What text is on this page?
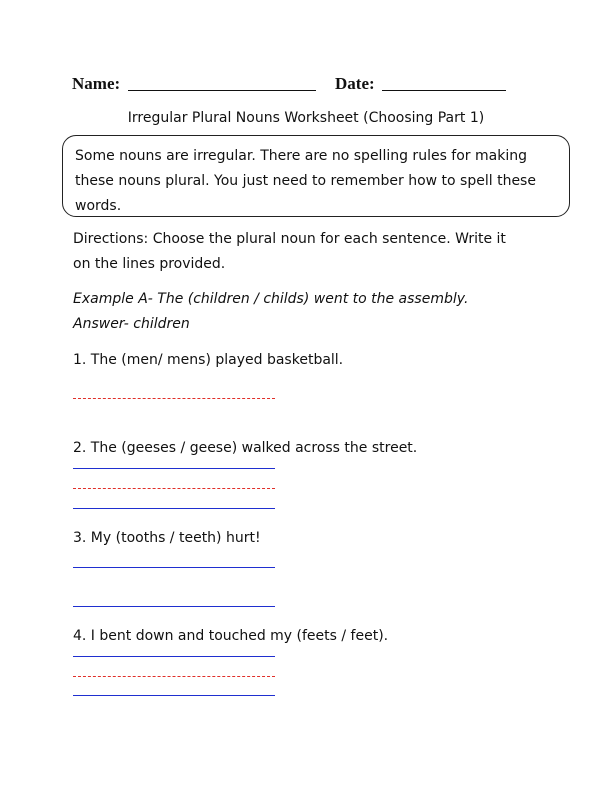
Name:	Date:
Irregular Plural Nouns Worksheet (Choosing Part 1)
Some nouns are irregular. There are no spelling rules for making these nouns plural. You just need to remember how to spell these words.
Directions: Choose the plural noun for each sentence. Write it
on the lines provided.
Example A- The (children / childs) went to the assembly.
Answer- children
1. The (men/ mens) played basketball.
2. The (geeses / geese) walked across the street.
3. My (tooths / teeth) hurt!
4. I bent down and touched my (feets / feet).
